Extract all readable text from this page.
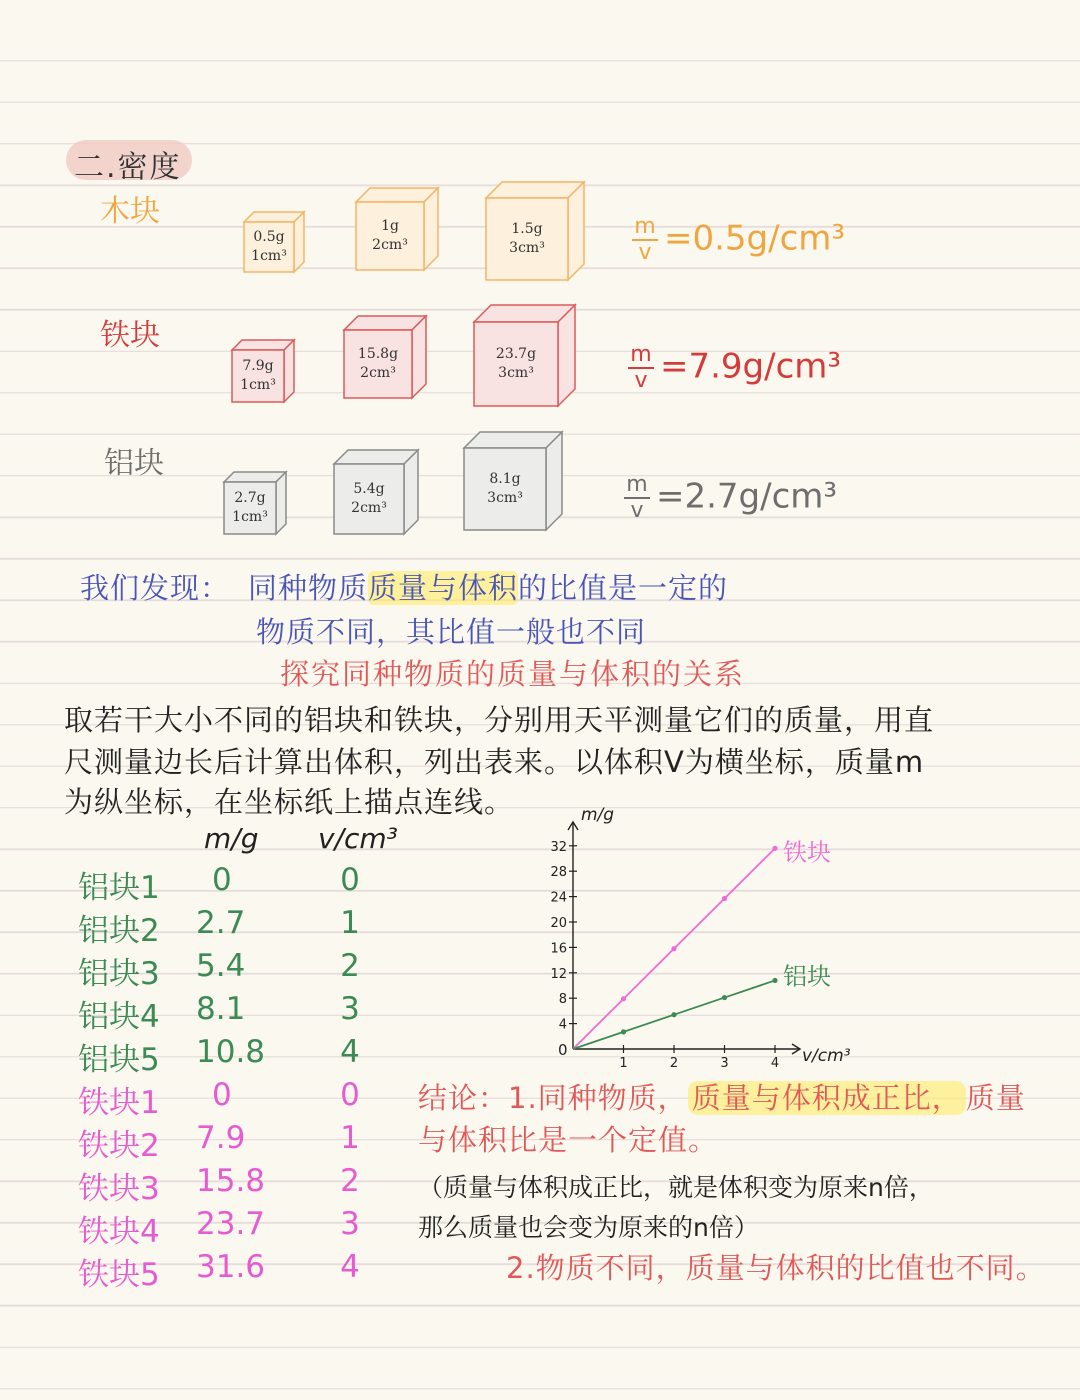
二.密度
木块
铁块
铝块
0.5g
1cm³
1g
2cm³
1.5g
3cm³
7.9g
1cm³
15.8g
2cm³
23.7g
3cm³
2.7g
1cm³
5.4g
2cm³
8.1g
3cm³
$\frac{m}{v} =0.5g/cm^3$
$\frac{m}{v} =7.9g/cm^3$
$\frac{m}{v} =2.7g/cm^3$
我们发现： 同种物质质量与体积的比值是一定的
物质不同，其比值一般也不同
探究同种物质的质量与体积的关系
取若干大小不同的铝块和铁块，分别用天平测量它们的质量，用直
尺测量边长后计算出体积，列出表来。以体积V为横坐标，质量m
为纵坐标，在坐标纸上描点连线。
m/g v/cm³
铝块1 0	0
铝块2 2.7	1
铝块3 5.4	2
铝块4 8.1	3
铝块5 10.8	4
铁块1 0	0
铁块2 7.9	1
铁块3 15.8	2
铁块4 23.7	3
铁块5 31.6	4
m/g
v/cm³
0
4
8
12
16
20
24
28
32
1	2	3	4
铁块
铝块
结论：1.同种物质， 质量与体积成正比， 质量
与体积比是一个定值。
（质量与体积成正比，就是体积变为原来n倍，
那么质量也会变为原来的n倍）
2.物质不同，质量与体积的比值也不同。
